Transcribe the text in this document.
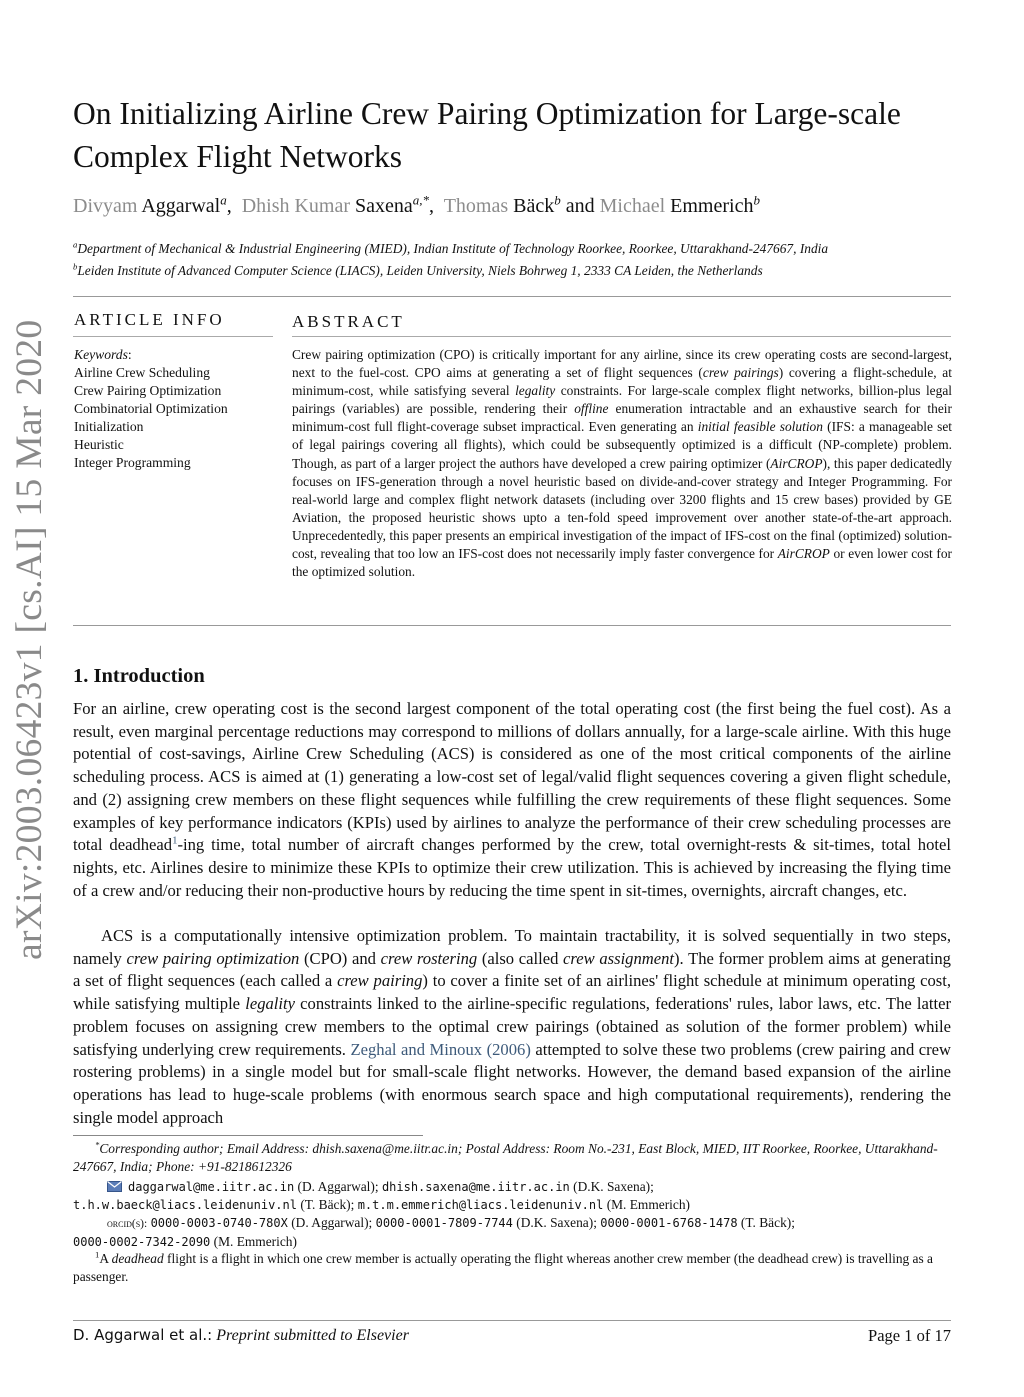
arXiv:2003.06423v1 [cs.AI] 15 Mar 2020
On Initializing Airline Crew Pairing Optimization for Large-scale
Complex Flight Networks
Divyam Aggarwal$^a$,  Dhish Kumar Saxena$^{a,*}$,  Thomas Bäck$^b$ and Michael Emmerich$^b$
$^a$Department of Mechanical & Industrial Engineering (MIED), Indian Institute of Technology Roorkee, Roorkee, Uttarakhand-247667, India
$^b$Leiden Institute of Advanced Computer Science (LIACS), Leiden University, Niels Bohrweg 1, 2333 CA Leiden, the Netherlands
ARTICLE INFO	ABSTRACT
Keywords:
Airline Crew Scheduling
Crew Pairing Optimization
Combinatorial Optimization
Initialization
Heuristic
Integer Programming
Crew pairing optimization (CPO) is critically important for any airline, since its crew operating costs are second-largest, next to the fuel-cost. CPO aims at generating a set of flight sequences (crew pairings) covering a flight-schedule, at minimum-cost, while satisfying several legality constraints. For large-scale complex flight networks, billion-plus legal pairings (variables) are possible, rendering their offline enumeration intractable and an exhaustive search for their minimum-cost full flight-coverage subset impractical. Even generating an initial feasible solution (IFS: a manageable set of legal pairings covering all flights), which could be subsequently optimized is a difficult (NP-complete) problem. Though, as part of a larger project the authors have developed a crew pairing optimizer (AirCROP), this paper dedicatedly focuses on IFS-generation through a novel heuristic based on divide-and-cover strategy and Integer Programming. For real-world large and complex flight network datasets (including over 3200 flights and 15 crew bases) provided by GE Aviation, the proposed heuristic shows upto a ten-fold speed improvement over another state-of-the-art approach. Unprecedentedly, this paper presents an empirical investigation of the impact of IFS-cost on the final (optimized) solution-cost, revealing that too low an IFS-cost does not necessarily imply faster convergence for AirCROP or even lower cost for the optimized solution.
1. Introduction
For an airline, crew operating cost is the second largest component of the total operating cost (the first being the fuel cost). As a result, even marginal percentage reductions may correspond to millions of dollars annually, for a large-scale airline. With this huge potential of cost-savings, Airline Crew Scheduling (ACS) is considered as one of the most critical components of the airline scheduling process. ACS is aimed at (1) generating a low-cost set of legal/valid flight sequences covering a given flight schedule, and (2) assigning crew members on these flight sequences while fulfilling the crew requirements of these flight sequences. Some examples of key performance indicators (KPIs) used by airlines to analyze the performance of their crew scheduling processes are total deadhead$^1$-ing time, total number of aircraft changes performed by the crew, total overnight-rests & sit-times, total hotel nights, etc. Airlines desire to minimize these KPIs to optimize their crew utilization. This is achieved by increasing the flying time of a crew and/or reducing their non-productive hours by reducing the time spent in sit-times, overnights, aircraft changes, etc.
ACS is a computationally intensive optimization problem. To maintain tractability, it is solved sequentially in two steps, namely crew pairing optimization (CPO) and crew rostering (also called crew assignment). The former problem aims at generating a set of flight sequences (each called a crew pairing) to cover a finite set of an airlines' flight schedule at minimum operating cost, while satisfying multiple legality constraints linked to the airline-specific regulations, federations' rules, labor laws, etc. The latter problem focuses on assigning crew members to the optimal crew pairings (obtained as solution of the former problem) while satisfying underlying crew requirements. Zeghal and Minoux (2006) attempted to solve these two problems (crew pairing and crew rostering problems) in a single model but for small-scale flight networks. However, the demand based expansion of the airline operations has lead to huge-scale problems (with enormous search space and high computational requirements), rendering the single model approach
*Corresponding author; Email Address: dhish.saxena@me.iitr.ac.in; Postal Address: Room No.-231, East Block, MIED, IIT Roorkee, Roorkee, Uttarakhand-247667, India; Phone: +91-8218612326
daggarwal@me.iitr.ac.in (D. Aggarwal); dhish.saxena@me.iitr.ac.in (D.K. Saxena);
t.h.w.baeck@liacs.leidenuniv.nl (T. Bäck); m.t.m.emmerich@liacs.leidenuniv.nl (M. Emmerich)
orcid(s): 0000-0003-0740-780X (D. Aggarwal); 0000-0001-7809-7744 (D.K. Saxena); 0000-0001-6768-1478 (T. Bäck);
0000-0002-7342-2090 (M. Emmerich)
$^1$A deadhead flight is a flight in which one crew member is actually operating the flight whereas another crew member (the deadhead crew) is travelling as a passenger.
D. Aggarwal et al.: Preprint submitted to Elsevier	Page 1 of 17
